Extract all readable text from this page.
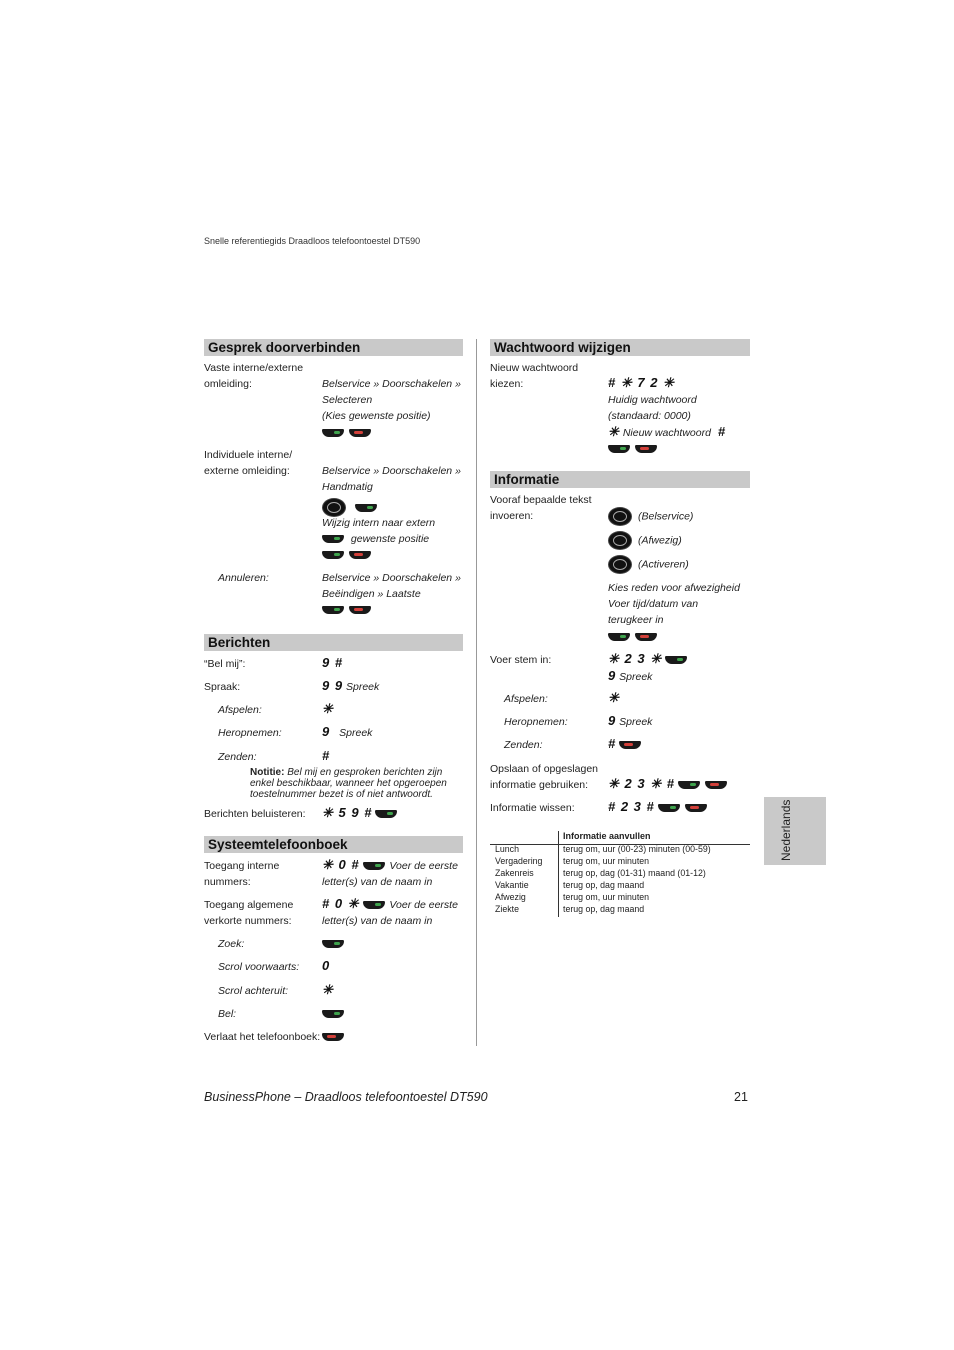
Snelle referentiegids Draadloos telefoontoestel DT590
Gesprek doorverbinden
Vaste interne/externe
omleiding:	Belservice » Doorschakelen »
Selecteren
(Kies gewenste positie)

Individuele interne/
externe omleiding:	Belservice » Doorschakelen »
Handmatig

Wijzig intern naar extern
gewenste positie

Annuleren:	Belservice » Doorschakelen »
Beëindigen » Laatste

Berichten
“Bel mij”:	9 #
Spraak:	9 9 Spreek
Afspelen:	✳
Heropnemen:	9 Spreek
Zenden:	#
Notitie: Bel mij en gesproken berichten zijn enkel beschikbaar, wanneer het opgeroepen toestelnummer bezet is of niet antwoordt.
Berichten beluisteren: ✳ 5 9 #
Systeemtelefoonboek
Toegang interne
nummers:
✳ 0 #	Voer de eerste
letter(s) van de naam in
Toegang algemene
verkorte nummers:
# 0 ✳	Voer de eerste
letter(s) van de naam in
Zoek:
Scrol voorwaarts: 0
Scrol achteruit:	✳
Bel:
Verlaat het telefoonboek:
Wachtwoord wijzigen
Nieuw wachtwoord
kiezen:	# ✳ 7 2 ✳
Huidig wachtwoord
(standaard: 0000)
✳ Nieuw wachtwoord #

Informatie
Vooraf bepaalde tekst
invoeren:	(Belservice)
(Afwezig)
(Activeren)
Kies reden voor afwezigheid
Voer tijd/datum van
terugkeer in

Voer stem in:	✳ 2 3 ✳
9 Spreek
Afspelen:	✳
Heropnemen:	9 Spreek
Zenden:	#
Opslaan of opgeslagen
informatie gebruiken: ✳ 2 3 ✳ #
Informatie wissen:	# 2 3 #
Informatie aanvullen
Lunch	terug om, uur (00-23) minuten (00-59)
Vergadering terug om, uur minuten
Zakenreis	terug op, dag (01-31) maand (01-12)
Vakantie	terug op, dag maand
Afwezig	terug om, uur minuten
Ziekte	terug op, dag maand
Nederlands
BusinessPhone – Draadloos telefoontoestel DT590	21
